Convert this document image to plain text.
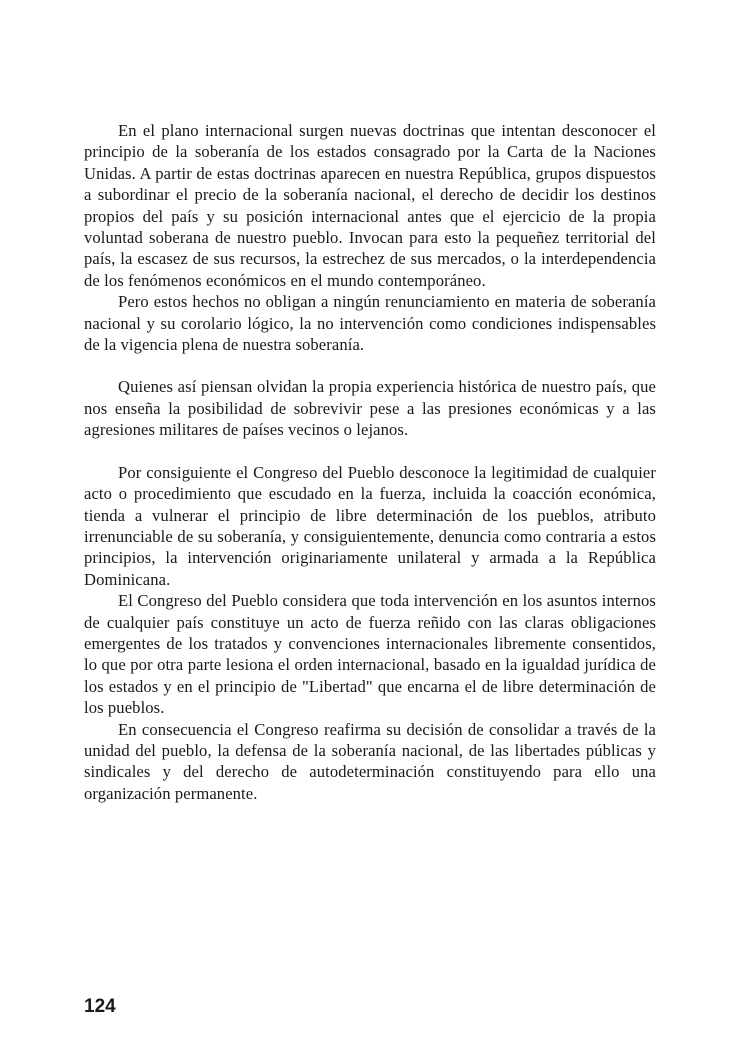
En el plano internacional surgen nuevas doctrinas que intentan desconocer el principio de la soberanía de los estados consagrado por la Carta de la Naciones Unidas. A partir de estas doctrinas aparecen en nuestra República, grupos dispuestos a subordinar el precio de la soberanía nacional, el derecho de decidir los destinos propios del país y su posición internacional antes que el ejercicio de la propia voluntad soberana de nuestro pueblo. Invocan para esto la pequeñez territorial del país, la escasez de sus recursos, la estrechez de sus mercados, o la interdependencia de los fenómenos económicos en el mundo contemporáneo.

Pero estos hechos no obligan a ningún renunciamiento en materia de soberanía nacional y su corolario lógico, la no intervención como condiciones indispensables de la vigencia plena de nuestra soberanía.

Quienes así piensan olvidan la propia experiencia histórica de nuestro país, que nos enseña la posibilidad de sobrevivir pese a las presiones económicas y a las agresiones militares de países vecinos o lejanos.

Por consiguiente el Congreso del Pueblo desconoce la legitimidad de cualquier acto o procedimiento que escudado en la fuerza, incluida la coacción económica, tienda a vulnerar el principio de libre determinación de los pueblos, atributo irrenunciable de su soberanía, y consiguientemente, denuncia como contraria a estos principios, la intervención originariamente unilateral y armada a la República Dominicana.

El Congreso del Pueblo considera que toda intervención en los asuntos internos de cualquier país constituye un acto de fuerza reñido con las claras obligaciones emergentes de los tratados y convenciones internacionales libremente consentidos, lo que por otra parte lesiona el orden internacional, basado en la igualdad jurídica de los estados y en el principio de "Libertad" que encarna el de libre determinación de los pueblos.

En consecuencia el Congreso reafirma su decisión de consolidar a través de la unidad del pueblo, la defensa de la soberanía nacional, de las libertades públicas y sindicales y del derecho de autodeterminación constituyendo para ello una organización permanente.

124
